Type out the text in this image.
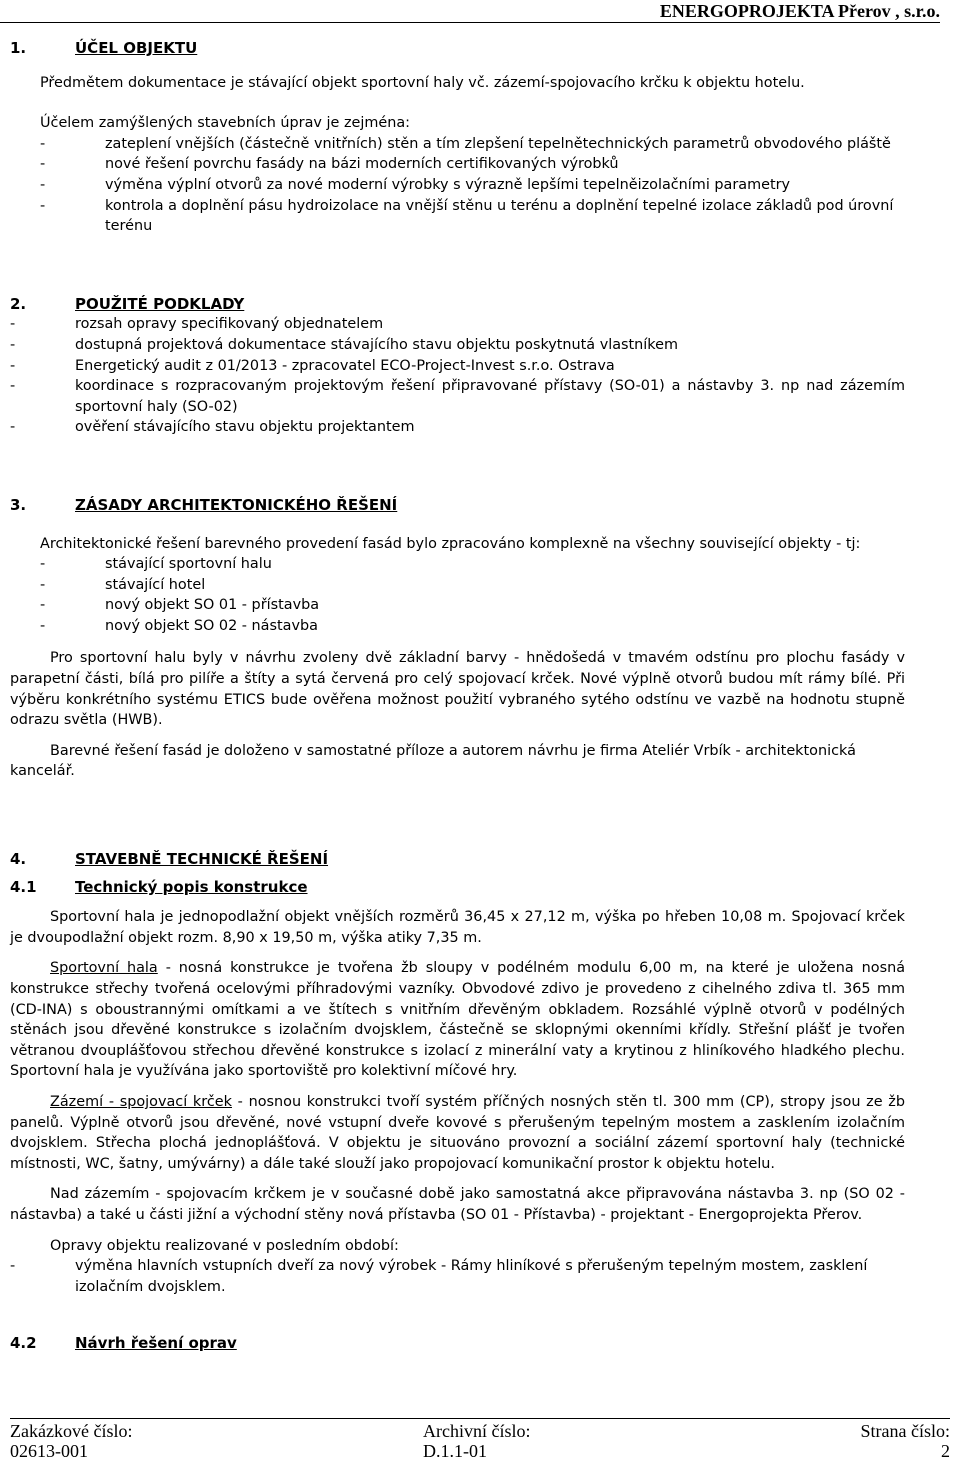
ENERGOPROJEKTA Přerov , s.r.o.
1.	ÚČEL OBJEKTU

Předmětem dokumentace je stávající objekt sportovní haly vč. zázemí-spojovacího krčku k objektu hotelu.

Účelem zamýšlených stavebních úprav je zejména:

-	zateplení vnějších (částečně vnitřních) stěn a tím zlepšení tepelnětechnických parametrů obvodového pláště
-	nové řešení povrchu fasády na bázi moderních certifikovaných výrobků
-	výměna výplní otvorů za nové moderní výrobky s výrazně lepšími tepelněizolačními parametry
-	kontrola a doplnění pásu hydroizolace na vnější stěnu u terénu a doplnění tepelné izolace základů pod úrovní terénu
2.	POUŽITÉ PODKLADY
-	rozsah opravy specifikovaný objednatelem
-	dostupná projektová dokumentace stávajícího stavu objektu poskytnutá vlastníkem
-	Energetický audit z 01/2013 - zpracovatel ECO-Project-Invest s.r.o. Ostrava
-	koordinace s rozpracovaným projektovým řešení připravované přístavy (SO-01) a nástavby 3. np nad zázemím sportovní haly (SO-02)
-	ověření stávajícího stavu objektu projektantem
3.	ZÁSADY ARCHITEKTONICKÉHO ŘEŠENÍ

Architektonické řešení barevného provedení fasád bylo zpracováno komplexně na všechny související objekty - tj:

-	stávající sportovní halu
-	stávající hotel
-	nový objekt SO 01 - přístavba
-	nový objekt SO 02 - nástavba

Pro sportovní halu byly v návrhu zvoleny dvě základní barvy - hnědošedá v tmavém odstínu pro plochu fasády v parapetní části, bílá pro pilíře a štíty a sytá červená pro celý spojovací krček. Nové výplně otvorů budou mít rámy bílé. Při výběru konkrétního systému ETICS bude ověřena možnost použití vybraného sytého odstínu ve vazbě na hodnotu stupně odrazu světla (HWB).

Barevné řešení fasád je doloženo v samostatné příloze a autorem návrhu je firma Ateliér Vrbík - architektonická kancelář.

4.	STAVEBNĚ TECHNICKÉ ŘEŠENÍ
4.1	Technický popis konstrukce

Sportovní hala je jednopodlažní objekt vnějších rozměrů 36,45 x 27,12 m, výška po hřeben 10,08 m. Spojovací krček je dvoupodlažní objekt rozm. 8,90 x 19,50 m, výška atiky 7,35 m.

Sportovní hala - nosná konstrukce je tvořena žb sloupy v podélném modulu 6,00 m, na které je uložena nosná konstrukce střechy tvořená ocelovými příhradovými vazníky. Obvodové zdivo je provedeno z cihelného zdiva tl. 365 mm (CD-INA) s oboustrannými omítkami a ve štítech s vnitřním dřevěným obkladem. Rozsáhlé výplně otvorů v podélných stěnách jsou dřevěné konstrukce s izolačním dvojsklem, částečně se sklopnými okenními křídly. Střešní plášť je tvořen větranou dvouplášťovou střechou dřevěné konstrukce s izolací z minerální vaty a krytinou z hliníkového hladkého plechu. Sportovní hala je využívána jako sportoviště pro kolektivní míčové hry.

Zázemí - spojovací krček - nosnou konstrukci tvoří systém příčných nosných stěn tl. 300 mm (CP), stropy jsou ze žb panelů. Výplně otvorů jsou dřevěné, nové vstupní dveře kovové s přerušeným tepelným mostem a zasklením izolačním dvojsklem. Střecha plochá jednoplášťová. V objektu je situováno provozní a sociální zázemí sportovní haly (technické místnosti, WC, šatny, umývárny) a dále také slouží jako propojovací komunikační prostor k objektu hotelu.

Nad zázemím - spojovacím krčkem je v současné době jako samostatná akce připravována nástavba 3. np (SO 02 - nástavba) a také u části jižní a východní stěny nová přístavba (SO 01 - Přístavba) - projektant - Energoprojekta Přerov.

Opravy objektu realizované v posledním období:

-	výměna hlavních vstupních dveří za nový výrobek - Rámy hliníkové s přerušeným tepelným mostem, zasklení izolačním dvojsklem.
4.2	Návrh řešení oprav
Zakázkové číslo:
02613-001
Archivní číslo:
D.1.1-01
Strana číslo:
2
